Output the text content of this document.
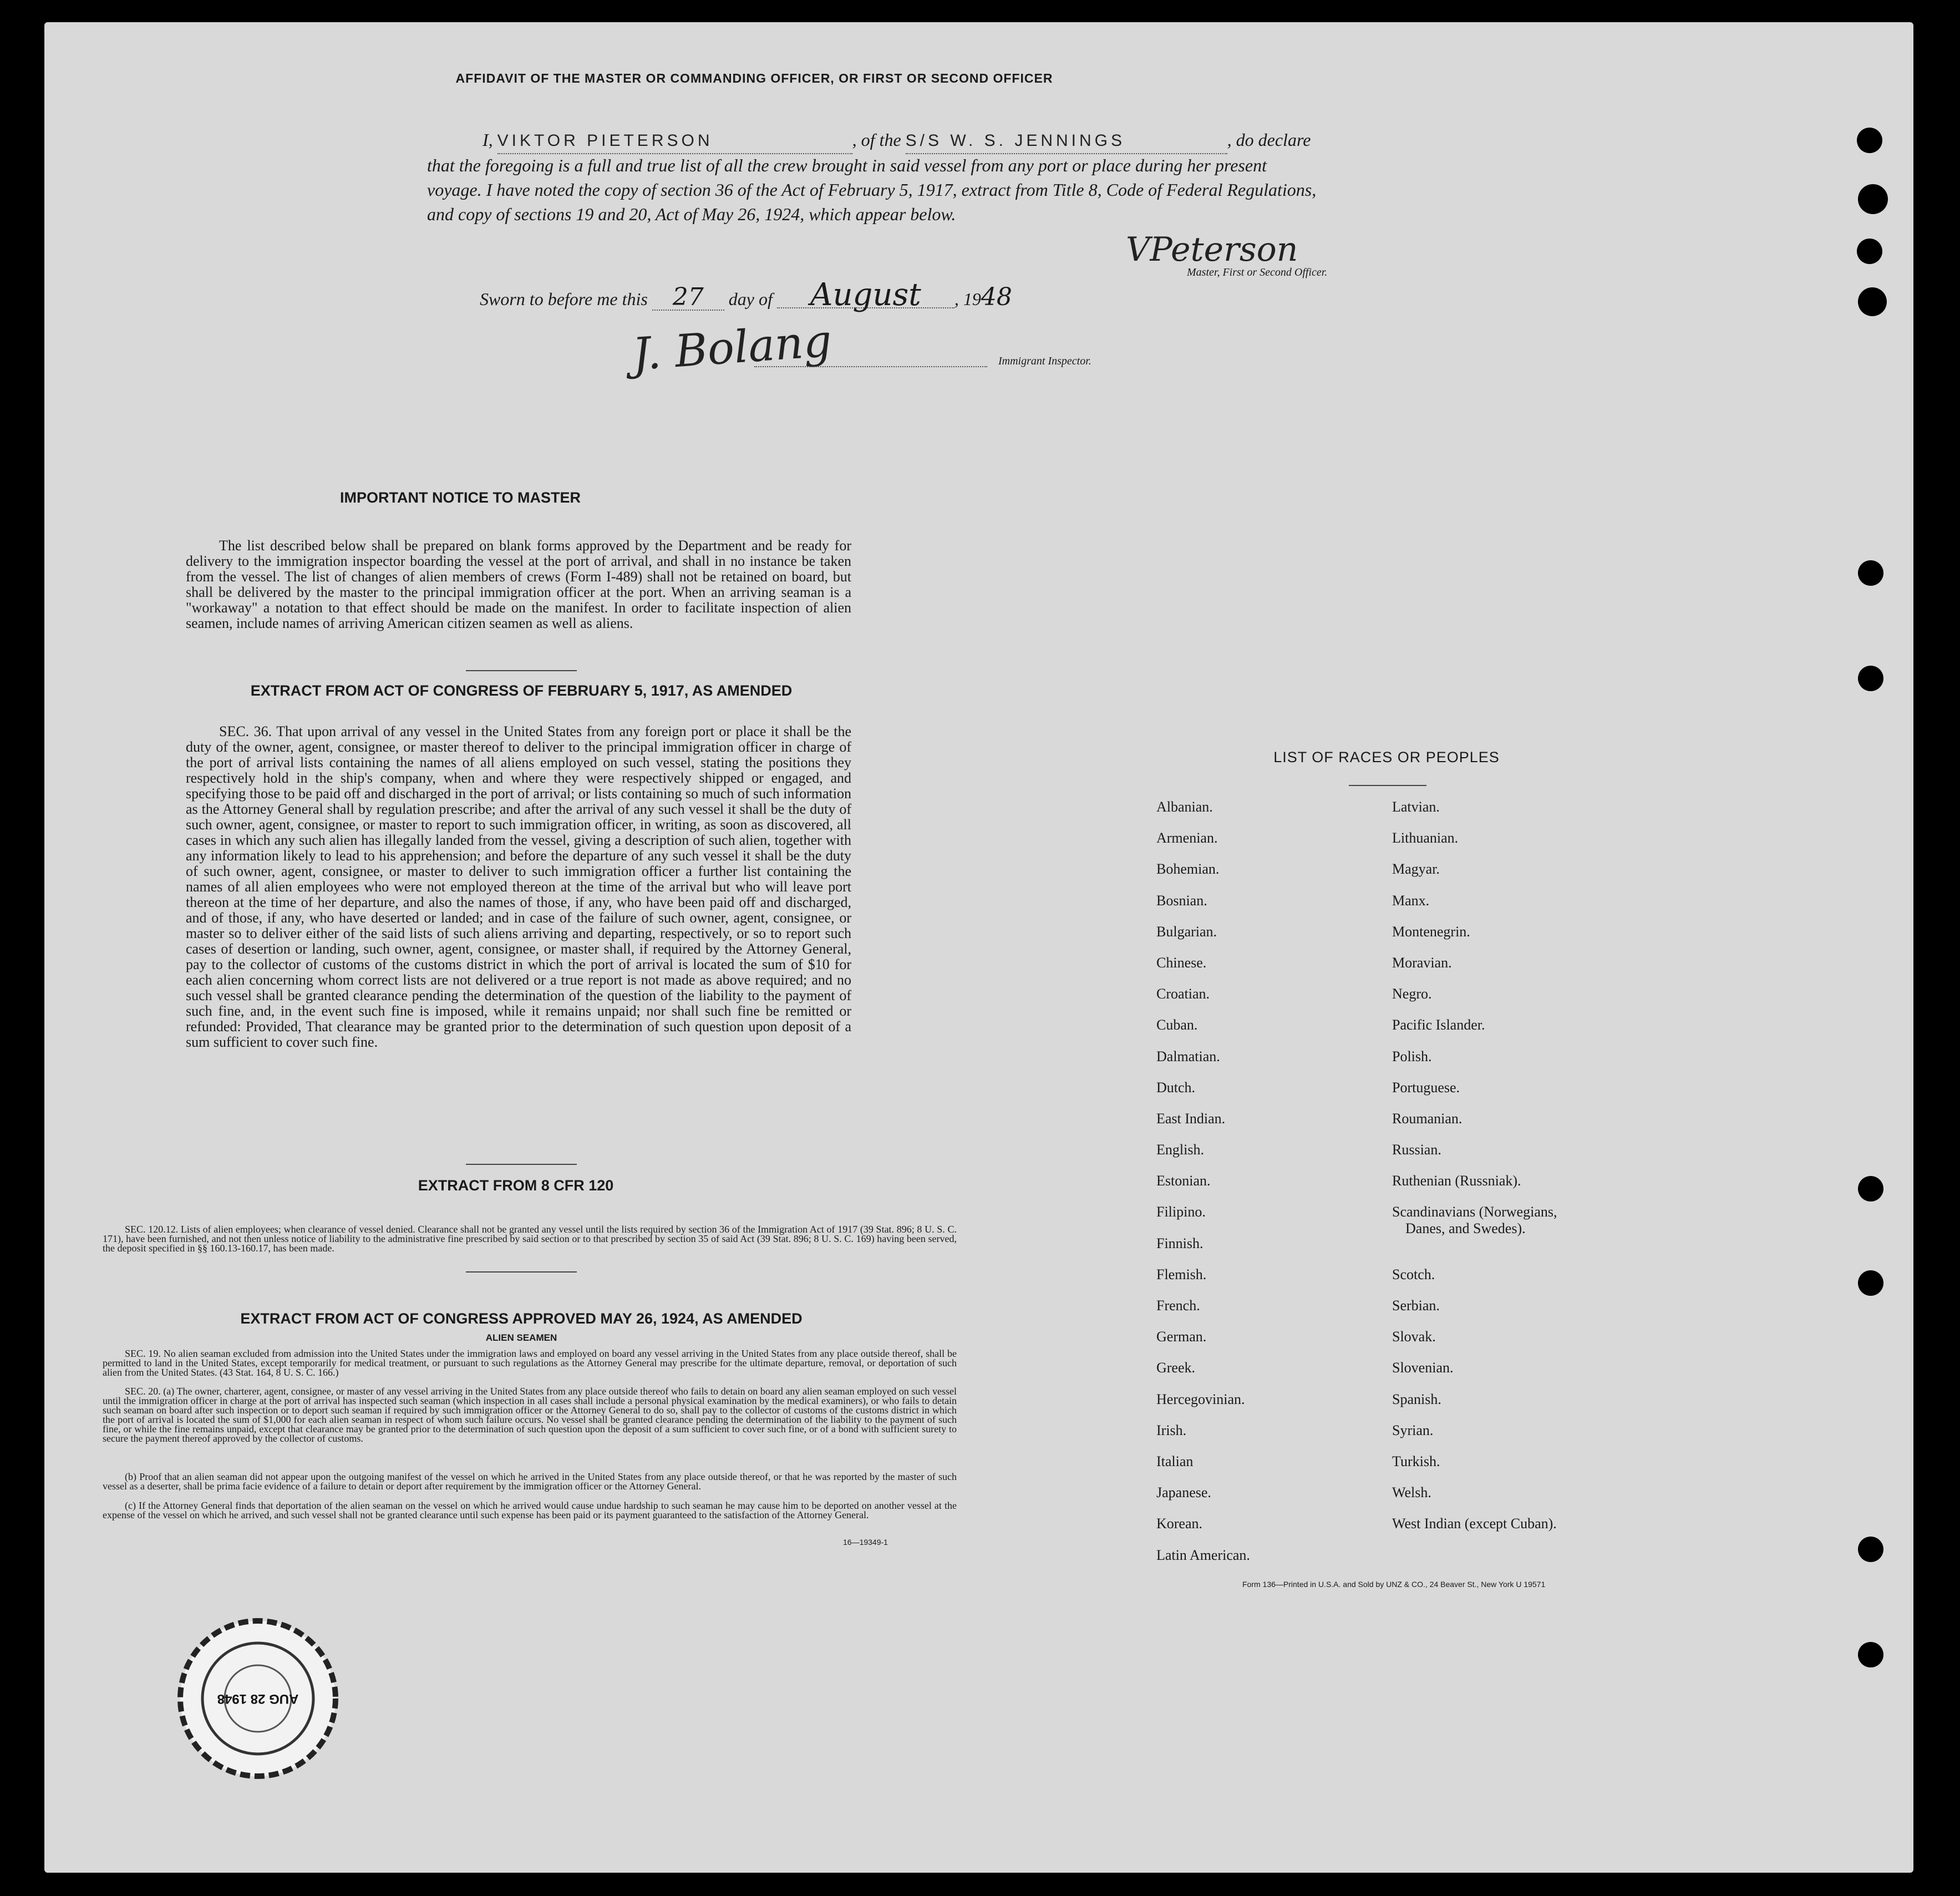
AFFIDAVIT OF THE MASTER OR COMMANDING OFFICER, OR FIRST OR SECOND OFFICER
I, VIKTOR PIETERSON	, of the S/S W. S. JENNINGS	, do declare
that the foregoing is a full and true list of all the crew brought in said vessel from any port or place during her present
voyage. I have noted the copy of section 36 of the Act of February 5, 1917, extract from Title 8, Code of Federal Regulations,
and copy of sections 19 and 20, Act of May 26, 1924, which appear below.
VPeterson
Master, First or Second Officer.
Sworn to before me this 27 day of August , 1948
J. Bolang	Immigrant Inspector.
IMPORTANT NOTICE TO MASTER
The list described below shall be prepared on blank forms approved by the Department and be ready for delivery to the immigration inspector boarding the vessel at the port of arrival, and shall in no instance be taken from the vessel. The list of changes of alien members of crews (Form I-489) shall not be retained on board, but shall be delivered by the master to the principal immigration officer at the port. When an arriving seaman is a "workaway" a notation to that effect should be made on the manifest. In order to facilitate inspection of alien seamen, include names of arriving American citizen seamen as well as aliens.
EXTRACT FROM ACT OF CONGRESS OF FEBRUARY 5, 1917, AS AMENDED
SEC. 36. That upon arrival of any vessel in the United States from any foreign port or place it shall be the duty of the owner, agent, consignee, or master thereof to deliver to the principal immigration officer in charge of the port of arrival lists containing the names of all aliens employed on such vessel, stating the positions they respectively hold in the ship's company, when and where they were respectively shipped or engaged, and specifying those to be paid off and discharged in the port of arrival; or lists containing so much of such information as the Attorney General shall by regulation prescribe; and after the arrival of any such vessel it shall be the duty of such owner, agent, consignee, or master to report to such immigration officer, in writing, as soon as discovered, all cases in which any such alien has illegally landed from the vessel, giving a description of such alien, together with any information likely to lead to his apprehension; and before the departure of any such vessel it shall be the duty of such owner, agent, consignee, or master to deliver to such immigration officer a further list containing the names of all alien employees who were not employed thereon at the time of the arrival but who will leave port thereon at the time of her departure, and also the names of those, if any, who have been paid off and discharged, and of those, if any, who have deserted or landed; and in case of the failure of such owner, agent, consignee, or master so to deliver either of the said lists of such aliens arriving and departing, respectively, or so to report such cases of desertion or landing, such owner, agent, consignee, or master shall, if required by the Attorney General, pay to the collector of customs of the customs district in which the port of arrival is located the sum of $10 for each alien concerning whom correct lists are not delivered or a true report is not made as above required; and no such vessel shall be granted clearance pending the determination of the question of the liability to the payment of such fine, and, in the event such fine is imposed, while it remains unpaid; nor shall such fine be remitted or refunded: Provided, That clearance may be granted prior to the determination of such question upon deposit of a sum sufficient to cover such fine.
EXTRACT FROM 8 CFR 120
SEC. 120.12. Lists of alien employees; when clearance of vessel denied. Clearance shall not be granted any vessel until the lists required by section 36 of the Immigration Act of 1917 (39 Stat. 896; 8 U. S. C. 171), have been furnished, and not then unless notice of liability to the administrative fine prescribed by said section or to that prescribed by section 35 of said Act (39 Stat. 896; 8 U. S. C. 169) having been served, the deposit specified in §§ 160.13-160.17, has been made.
EXTRACT FROM ACT OF CONGRESS APPROVED MAY 26, 1924, AS AMENDED
ALIEN SEAMEN
SEC. 19. No alien seaman excluded from admission into the United States under the immigration laws and employed on board any vessel arriving in the United States from any place outside thereof, shall be permitted to land in the United States, except temporarily for medical treatment, or pursuant to such regulations as the Attorney General may prescribe for the ultimate departure, removal, or deportation of such alien from the United States. (43 Stat. 164, 8 U. S. C. 166.)
SEC. 20. (a) The owner, charterer, agent, consignee, or master of any vessel arriving in the United States from any place outside thereof who fails to detain on board any alien seaman employed on such vessel until the immigration officer in charge at the port of arrival has inspected such seaman (which inspection in all cases shall include a personal physical examination by the medical examiners), or who fails to detain such seaman on board after such inspection or to deport such seaman if required by such immigration officer or the Attorney General to do so, shall pay to the collector of customs of the customs district in which the port of arrival is located the sum of $1,000 for each alien seaman in respect of whom such failure occurs. No vessel shall be granted clearance pending the determination of the liability to the payment of such fine, or while the fine remains unpaid, except that clearance may be granted prior to the determination of such question upon the deposit of a sum sufficient to cover such fine, or of a bond with sufficient surety to secure the payment thereof approved by the collector of customs.
(b) Proof that an alien seaman did not appear upon the outgoing manifest of the vessel on which he arrived in the United States from any place outside thereof, or that he was reported by the master of such vessel as a deserter, shall be prima facie evidence of a failure to detain or deport after requirement by the immigration officer or the Attorney General.
(c) If the Attorney General finds that deportation of the alien seaman on the vessel on which he arrived would cause undue hardship to such seaman he may cause him to be deported on another vessel at the expense of the vessel on which he arrived, and such vessel shall not be granted clearance until such expense has been paid or its payment guaranteed to the satisfaction of the Attorney General.
16—19349-1
LIST OF RACES OR PEOPLES
Albanian.
Armenian.
Bohemian.
Bosnian.
Bulgarian.
Chinese.
Croatian.
Cuban.
Dalmatian.
Dutch.
East Indian.
English.
Estonian.
Filipino.
Finnish.
Flemish.
French.
German.
Greek.
Hercegovinian.
Irish.
Italian
Japanese.
Korean.
Latin American.
Latvian.
Lithuanian.
Magyar.
Manx.
Montenegrin.
Moravian.
Negro.
Pacific Islander.
Polish.
Portuguese.
Roumanian.
Russian.
Ruthenian (Russniak).
Scandinavians (Norwegians,
Danes, and Swedes).
Scotch.
Serbian.
Slovak.
Slovenian.
Spanish.
Syrian.
Turkish.
Welsh.
West Indian (except Cuban).
Form 136—Printed in U.S.A. and Sold by UNZ & CO., 24 Beaver St., New York U 19571
AUG 28 1948
